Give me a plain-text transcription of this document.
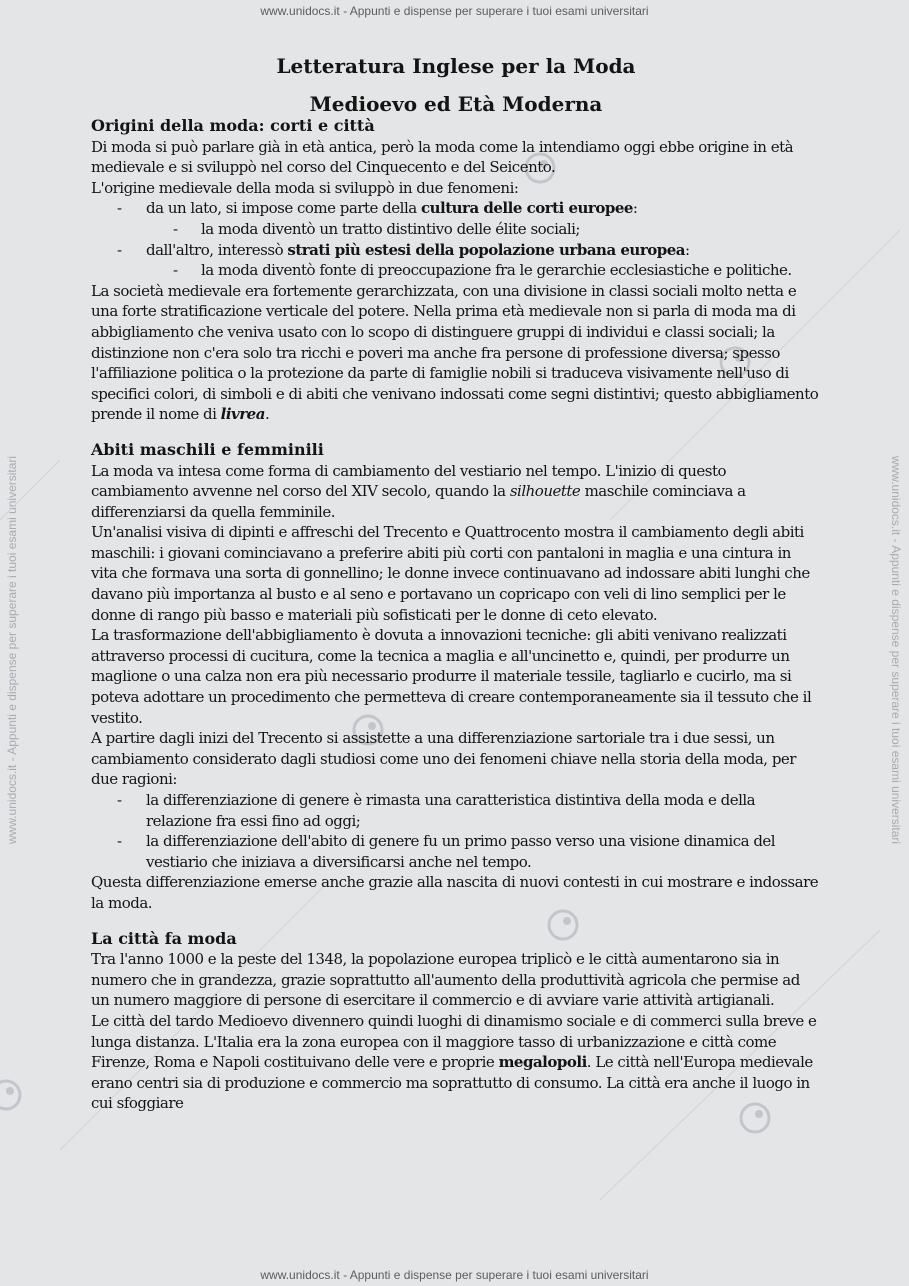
www.unidocs.it - Appunti e dispense per superare i tuoi esami universitari
www.unidocs.it - Appunti e dispense per superare i tuoi esami universitari
www.unidocs.it - Appunti e dispense per superare i tuoi esami universitari	www.unidocs.it - Appunti e dispense per superare i tuoi esami universitari
Letteratura Inglese per la Moda
Medioevo ed Età Moderna
Origini della moda: corti e città

Di moda si può parlare già in età antica, però la moda come la intendiamo oggi ebbe origine in età medievale e si sviluppò nel corso del Cinquecento e del Seicento.

L'origine medievale della moda si sviluppò in due fenomeni:

- da un lato, si impose come parte della cultura delle corti europee:
- la moda diventò un tratto distintivo delle élite sociali;
- dall'altro, interessò strati più estesi della popolazione urbana europea:
- la moda diventò fonte di preoccupazione fra le gerarchie ecclesiastiche e politiche.

La società medievale era fortemente gerarchizzata, con una divisione in classi sociali molto netta e una forte stratificazione verticale del potere. Nella prima età medievale non si parla di moda ma di abbigliamento che veniva usato con lo scopo di distinguere gruppi di individui e classi sociali; la distinzione non c'era solo tra ricchi e poveri ma anche fra persone di professione diversa; spesso l'affiliazione politica o la protezione da parte di famiglie nobili si traduceva visivamente nell'uso di specifici colori, di simboli e di abiti che venivano indossati come segni distintivi; questo abbigliamento prende il nome di livrea.

Abiti maschili e femminili

La moda va intesa come forma di cambiamento del vestiario nel tempo. L'inizio di questo cambiamento avvenne nel corso del XIV secolo, quando la silhouette maschile cominciava a differenziarsi da quella femminile.

Un'analisi visiva di dipinti e affreschi del Trecento e Quattrocento mostra il cambiamento degli abiti maschili: i giovani cominciavano a preferire abiti più corti con pantaloni in maglia e una cintura in vita che formava una sorta di gonnellino; le donne invece continuavano ad indossare abiti lunghi che davano più importanza al busto e al seno e portavano un copricapo con veli di lino semplici per le donne di rango più basso e materiali più sofisticati per le donne di ceto elevato.

La trasformazione dell'abbigliamento è dovuta a innovazioni tecniche: gli abiti venivano realizzati attraverso processi di cucitura, come la tecnica a maglia e all'uncinetto e, quindi, per produrre un maglione o una calza non era più necessario produrre il materiale tessile, tagliarlo e cucirlo, ma si poteva adottare un procedimento che permetteva di creare contemporaneamente sia il tessuto che il vestito.

A partire dagli inizi del Trecento si assistette a una differenziazione sartoriale tra i due sessi, un cambiamento considerato dagli studiosi come uno dei fenomeni chiave nella storia della moda, per due ragioni:

- la differenziazione di genere è rimasta una caratteristica distintiva della moda e della relazione fra essi fino ad oggi;
- la differenziazione dell'abito di genere fu un primo passo verso una visione dinamica del vestiario che iniziava a diversificarsi anche nel tempo.

Questa differenziazione emerse anche grazie alla nascita di nuovi contesti in cui mostrare e indossare la moda.

La città fa moda

Tra l'anno 1000 e la peste del 1348, la popolazione europea triplicò e le città aumentarono sia in numero che in grandezza, grazie soprattutto all'aumento della produttività agricola che permise ad un numero maggiore di persone di esercitare il commercio e di avviare varie attività artigianali.

Le città del tardo Medioevo divennero quindi luoghi di dinamismo sociale e di commerci sulla breve e lunga distanza. L'Italia era la zona europea con il maggiore tasso di urbanizzazione e città come Firenze, Roma e Napoli costituivano delle vere e proprie megalopoli. Le città nell'Europa medievale erano centri sia di produzione e commercio ma soprattutto di consumo. La città era anche il luogo in cui sfoggiare
